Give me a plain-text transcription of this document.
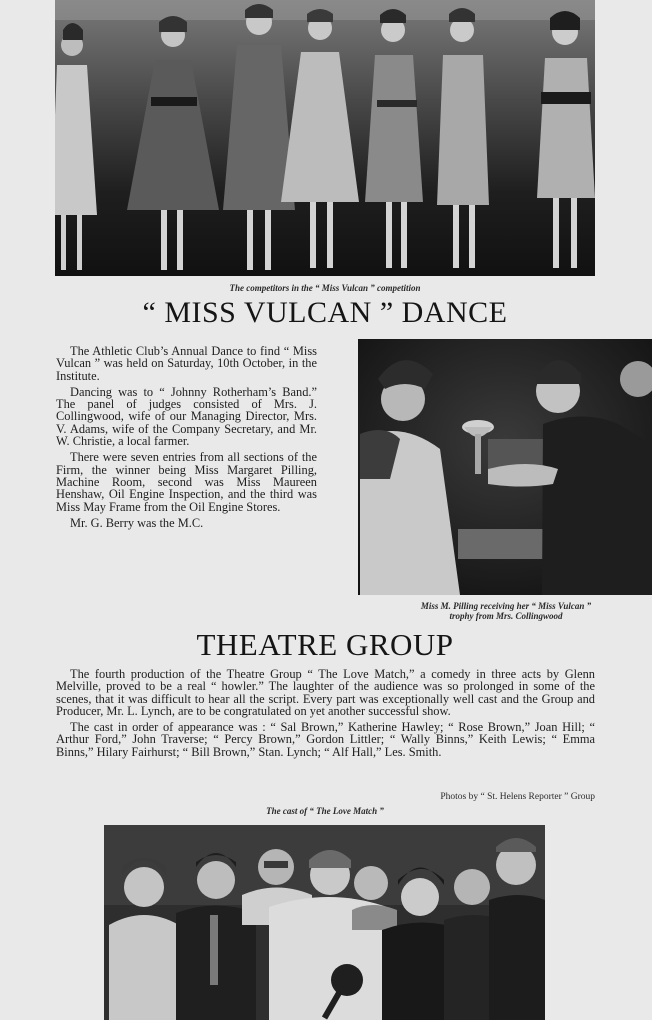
The competitors in the “ Miss Vulcan ” competition
“ MISS VULCAN ” DANCE

The Athletic Club’s Annual Dance to find “ Miss Vulcan ” was held on Saturday, 10th October, in the Institute.

Dancing was to “ Johnny Rotherham’s Band.” The panel of judges consisted of Mrs. J. Collingwood, wife of our Managing Director, Mrs. V. Adams, wife of the Company Secretary, and Mr. W. Christie, a local farmer.

There were seven entries from all sections of the Firm, the winner being Miss Margaret Pilling, Machine Room, second was Miss Maureen Henshaw, Oil Engine Inspection, and the third was Miss May Frame from the Oil Engine Stores.

Mr. G. Berry was the M.C.

Miss M. Pilling receiving her “ Miss Vulcan ”
trophy from Mrs. Collingwood
THEATRE GROUP

The fourth production of the Theatre Group “ The Love Match,” a comedy in three acts by Glenn Melville, proved to be a real “ howler.” The laughter of the audience was so prolonged in some of the scenes, that it was difficult to hear all the script. Every part was exceptionally well cast and the Group and Producer, Mr. L. Lynch, are to be congratulated on yet another successful show.

The cast in order of appearance was : “ Sal Brown,” Katherine Hawley; “ Rose Brown,” Joan Hill; “ Arthur Ford,” John Traverse; “ Percy Brown,” Gordon Littler; “ Wally Binns,” Keith Lewis; “ Emma Binns,” Hilary Fairhurst; “ Bill Brown,” Stan. Lynch; “ Alf Hall,” Les. Smith.

Photos by “ St. Helens Reporter ” Group
The cast of “ The Love Match ”
